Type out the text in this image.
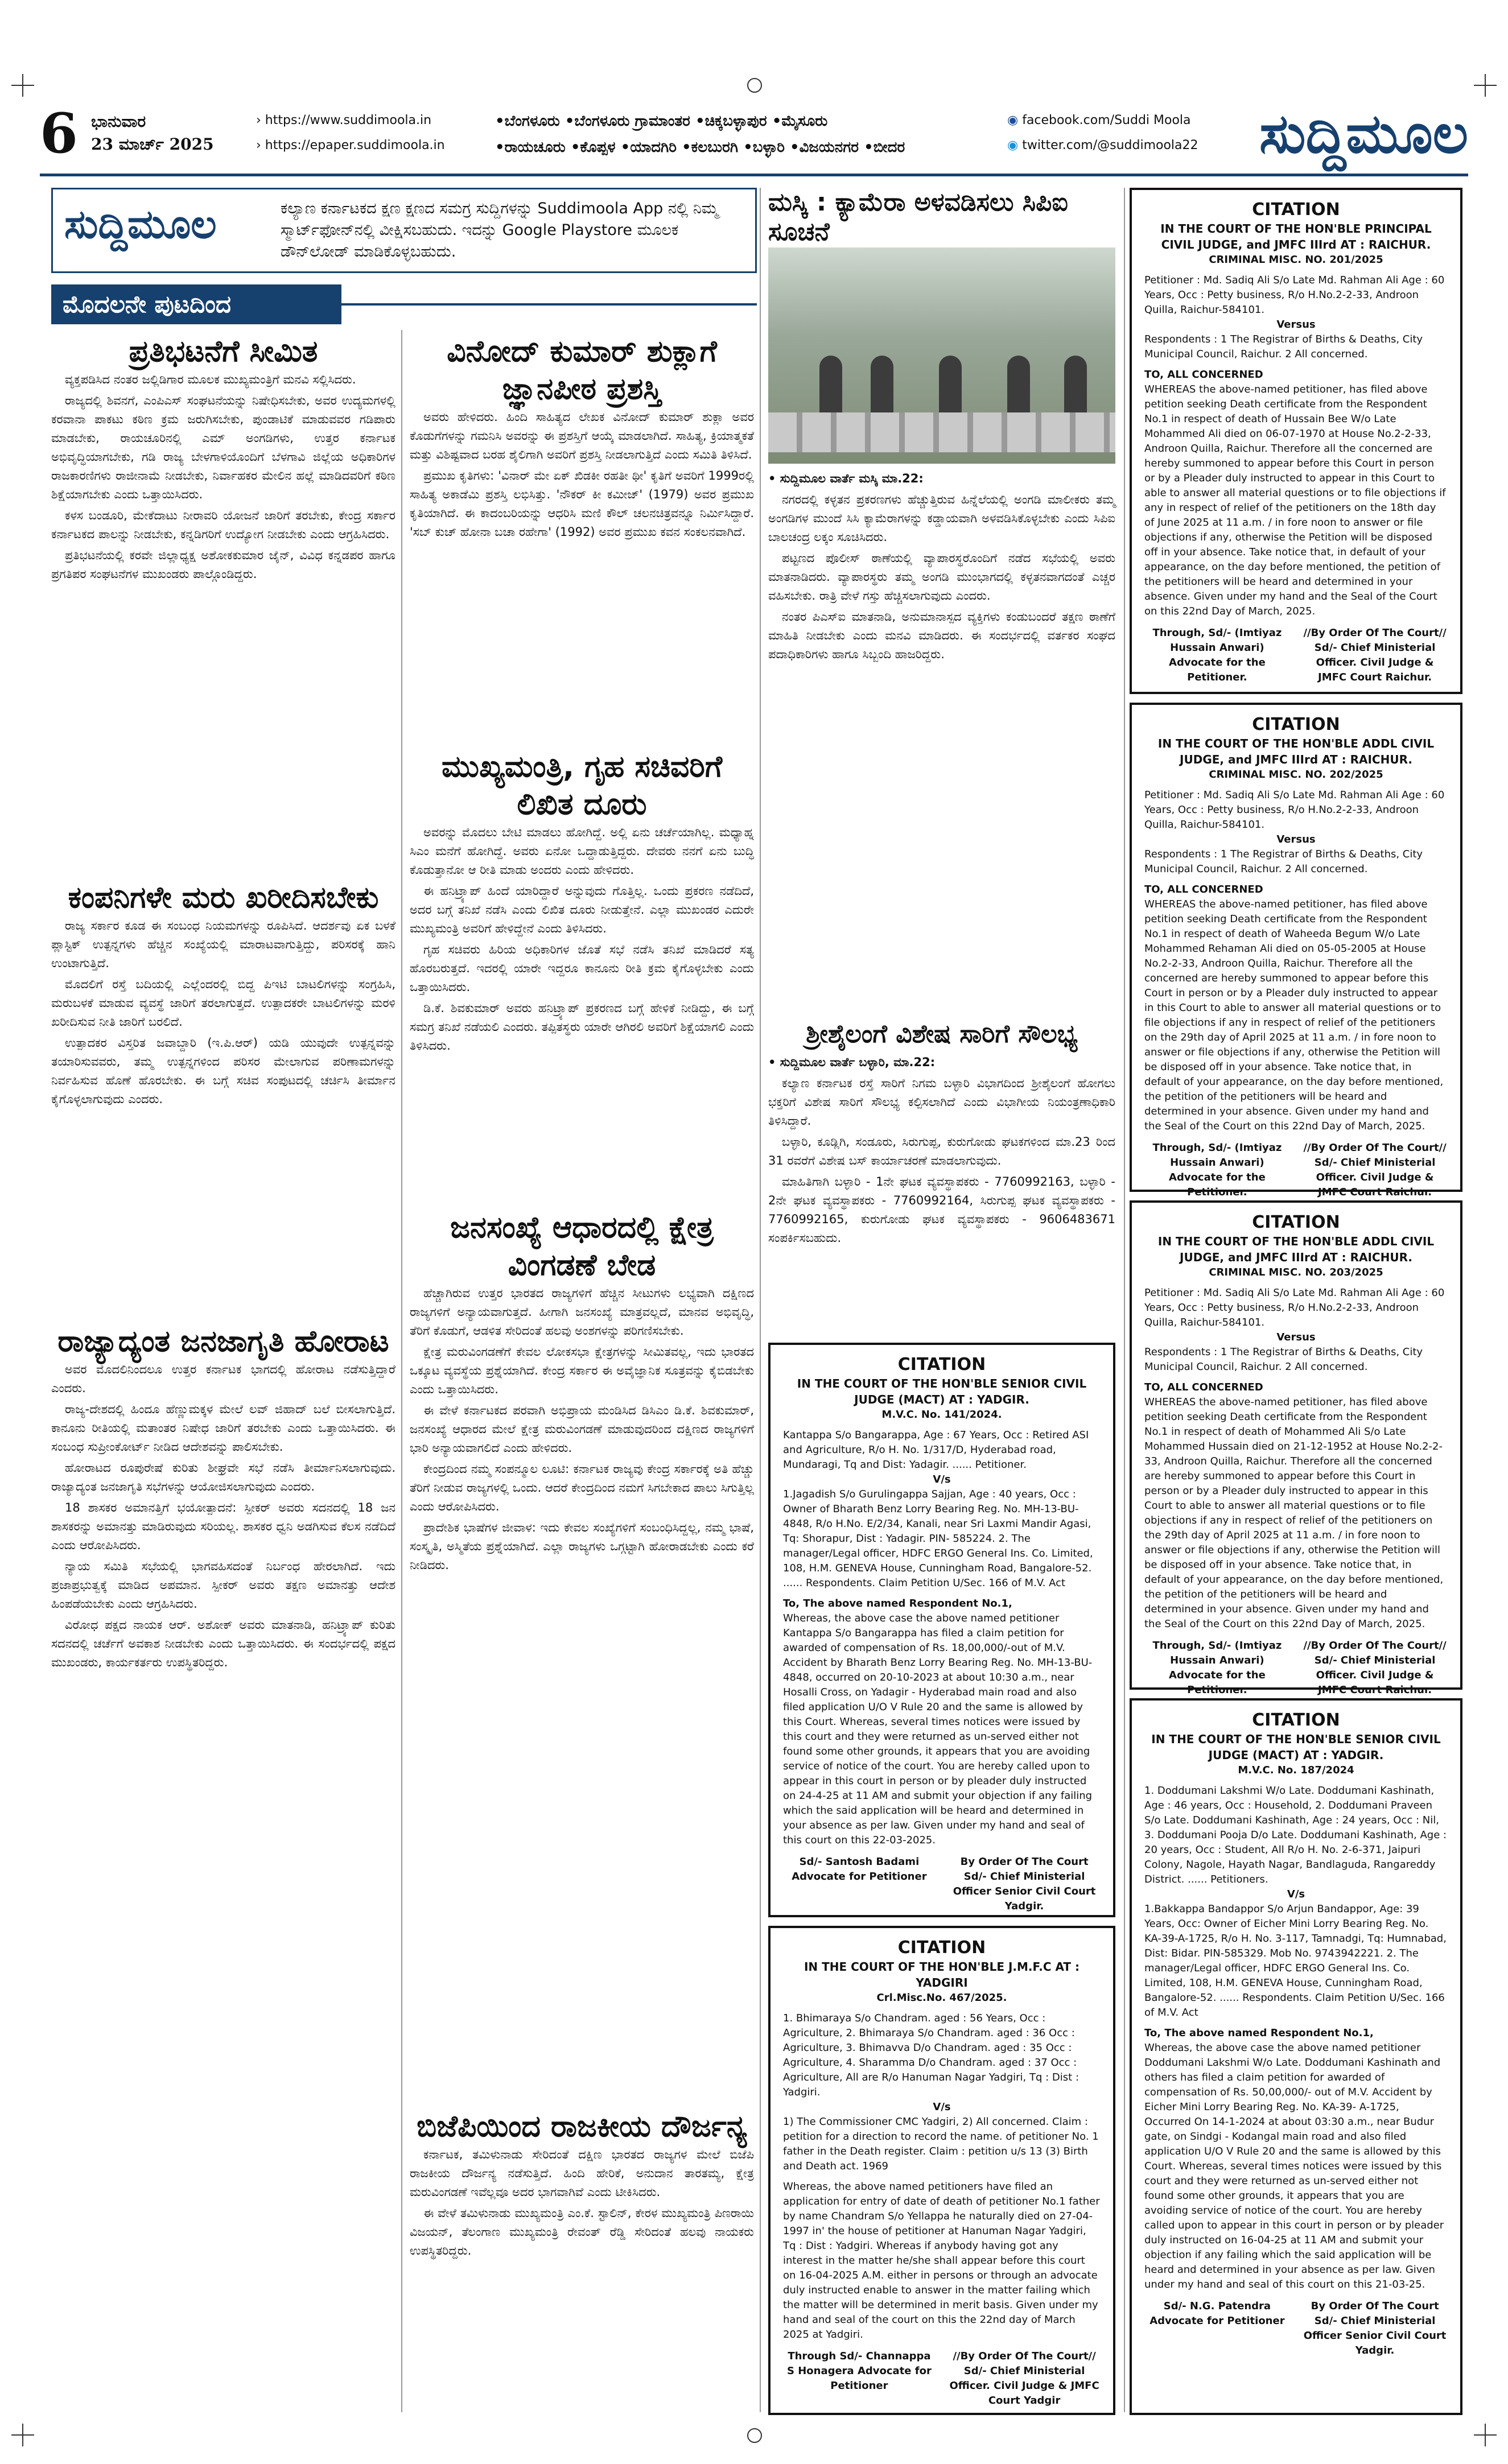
6 ಭಾನುವಾರ
23 ಮಾರ್ಚ್ 2025
› https://www.suddimoola.in
› https://epaper.suddimoola.in
•ಬೆಂಗಳೂರು •ಬೆಂಗಳೂರು ಗ್ರಾಮಾಂತರ •ಚಿಕ್ಕಬಳ್ಳಾಪುರ •ಮೈಸೂರು
•ರಾಯಚೂರು •ಕೊಪ್ಪಳ •ಯಾದಗಿರಿ •ಕಲಬುರಗಿ •ಬಳ್ಳಾರಿ •ವಿಜಯನಗರ •ಬೀದರ
◉ facebook.com/Suddi Moola
◉ twitter.com/@suddimoola22 ಸುದ್ದಿಮೂಲ
ಸುದ್ದಿಮೂಲ	ಕಲ್ಯಾಣ ಕರ್ನಾಟಕದ ಕ್ಷಣ ಕ್ಷಣದ ಸಮಗ್ರ ಸುದ್ದಿಗಳನ್ನು Suddimoola App ನಲ್ಲಿ ನಿಮ್ಮ ಸ್ಮಾರ್ಟ್‌ಫೋನ್‌ನಲ್ಲಿ ವೀಕ್ಷಿಸಬಹುದು. ಇದನ್ನು Google Playstore ಮೂಲಕ ಡೌನ್‌ಲೋಡ್ ಮಾಡಿಕೊಳ್ಳಬಹುದು.
ಮೊದಲನೇ ಪುಟದಿಂದ
ಪ್ರತಿಭಟನೆಗೆ ಸೀಮಿತ

ವ್ಯಕ್ತಪಡಿಸಿದ ನಂತರ ಜಲ್ಲಿಡಿಗಾರ ಮೂಲಕ ಮುಖ್ಯಮಂತ್ರಿಗೆ ಮನವಿ ಸಲ್ಲಿಸಿದರು.

ರಾಜ್ಯದಲ್ಲಿ ಶಿವನಗೆ, ಎಂಪಿಎಸ್ ಸಂಘಟನೆಯನ್ನು ನಿಷೇಧಿಸಬೇಕು, ಅವರ ಉದ್ಯಮಗಳಲ್ಲಿ ಕರವಾನಾ ಪಾಕಟು ಕಠಿಣ ಕ್ರಮ ಜರುಗಿಸಬೇಕು, ಪುಂಡಾಟಿಕೆ ಮಾಡುವವರ ಗಡಿಪಾರು ಮಾಡಬೇಕು, ರಾಯಚೂರಿನಲ್ಲಿ ಎಮ್‌ ಅಂಗಡಿಗಳು, ಉತ್ತರ ಕರ್ನಾಟಕ ಅಭಿವೃದ್ಧಿಯಾಗಬೇಕು, ಗಡಿ ರಾಜ್ಯ ಬೇಳಗಾಳಿಯೊಂದಿಗೆ ಬೆಳಗಾವಿ ಜಿಲ್ಲೆಯ ಅಧಿಕಾರಿಗಳ ರಾಜಕಾರಣಿಗಳು ರಾಜೀನಾಮೆ ನೀಡಬೇಕು, ನಿರ್ವಾಹಕರ ಮೇಲಿನ ಹಲ್ಲೆ ಮಾಡಿದವರಿಗೆ ಕಠಿಣ ಶಿಕ್ಷೆಯಾಗಬೇಕು ಎಂದು ಒತ್ತಾಯಿಸಿದರು.

ಕಳಸ ಬಂಡೂರಿ, ಮೇಕೆದಾಟು ನೀರಾವರಿ ಯೋಜನೆ ಜಾರಿಗೆ ತರಬೇಕು, ಕೇಂದ್ರ ಸರ್ಕಾರ ಕರ್ನಾಟಕದ ಪಾಲನ್ನು ನೀಡಬೇಕು, ಕನ್ನಡಿಗರಿಗೆ ಉದ್ಯೋಗ ನೀಡಬೇಕು ಎಂದು ಆಗ್ರಹಿಸಿದರು.

ಪ್ರತಿಭಟನೆಯಲ್ಲಿ ಕರವೇ ಜಿಲ್ಲಾಧ್ಯಕ್ಷ ಅಶೋಕಕುಮಾರ ಜೈನ್, ವಿವಿಧ ಕನ್ನಡಪರ ಹಾಗೂ ಪ್ರಗತಿಪರ ಸಂಘಟನೆಗಳ ಮುಖಂಡರು ಪಾಲ್ಗೊಂಡಿದ್ದರು.

ಕಂಪನಿಗಳೇ ಮರು ಖರೀದಿಸಬೇಕು

ರಾಜ್ಯ ಸರ್ಕಾರ ಕೂಡ ಈ ಸಂಬಂಧ ನಿಯಮಗಳನ್ನು ರೂಪಿಸಿದೆ. ಆದರ್ಶವು ಏಕ ಬಳಕೆ ಪ್ಲಾಸ್ಟಿಕ್ ಉತ್ಪನ್ನಗಳು ಹೆಚ್ಚಿನ ಸಂಖ್ಯೆಯಲ್ಲಿ ಮಾರಾಟವಾಗುತ್ತಿದ್ದು, ಪರಿಸರಕ್ಕೆ ಹಾನಿ ಉಂಟಾಗುತ್ತಿದೆ.

ಮೊದಲಿಗೆ ರಸ್ತೆ ಬದಿಯಲ್ಲಿ ಎಲ್ಲೆಂದರಲ್ಲಿ ಬಿದ್ದ ಪಿಇಟಿ ಬಾಟಲಿಗಳನ್ನು ಸಂಗ್ರಹಿಸಿ, ಮರುಬಳಕೆ ಮಾಡುವ ವ್ಯವಸ್ಥೆ ಜಾರಿಗೆ ತರಲಾಗುತ್ತದೆ. ಉತ್ಪಾದಕರೇ ಬಾಟಲಿಗಳನ್ನು ಮರಳಿ ಖರೀದಿಸುವ ನೀತಿ ಜಾರಿಗೆ ಬರಲಿದೆ.

ಉತ್ಪಾದಕರ ವಿಸ್ತರಿತ ಜವಾಬ್ದಾರಿ (ಇ.ಪಿ.ಆರ್) ಯಡಿ ಯುವುದೇ ಉತ್ಪನ್ನವನ್ನು ತಯಾರಿಸುವವರು, ತಮ್ಮ ಉತ್ಪನ್ನಗಳಿಂದ ಪರಿಸರ ಮೇಲಾಗುವ ಪರಿಣಾಮಗಳನ್ನು ನಿರ್ವಹಿಸುವ ಹೊಣೆ ಹೊರಬೇಕು. ಈ ಬಗ್ಗೆ ಸಚಿವ ಸಂಪುಟದಲ್ಲಿ ಚರ್ಚಿಸಿ ತೀರ್ಮಾನ ಕೈಗೊಳ್ಳಲಾಗುವುದು ಎಂದರು.

ರಾಜ್ಯಾದ್ಯಂತ ಜನಜಾಗೃತಿ ಹೋರಾಟ

ಅವರ ಮೊದಲಿನಿಂದಲೂ ಉತ್ತರ ಕರ್ನಾಟಕ ಭಾಗದಲ್ಲಿ ಹೋರಾಟ ನಡೆಸುತ್ತಿದ್ದಾರೆ ಎಂದರು.

ರಾಜ್ಯ-ದೇಶದಲ್ಲಿ ಹಿಂದೂ ಹೆಣ್ಣುಮಕ್ಕಳ ಮೇಲೆ ಲವ್ ಜಿಹಾದ್ ಬಲೆ ಬೀಸಲಾಗುತ್ತಿದೆ. ಕಾನೂನು ರೀತಿಯಲ್ಲಿ ಮತಾಂತರ ನಿಷೇಧ ಜಾರಿಗೆ ತರಬೇಕು ಎಂದು ಒತ್ತಾಯಿಸಿದರು. ಈ ಸಂಬಂಧ ಸುಪ್ರೀಂಕೋರ್ಟ್ ನೀಡಿದ ಆದೇಶವನ್ನು ಪಾಲಿಸಬೇಕು.

ಹೋರಾಟದ ರೂಪುರೇಷೆ ಕುರಿತು ಶೀಘ್ರವೇ ಸಭೆ ನಡೆಸಿ ತೀರ್ಮಾನಿಸಲಾಗುವುದು. ರಾಜ್ಯಾದ್ಯಂತ ಜನಜಾಗೃತಿ ಸಭೆಗಳನ್ನು ಆಯೋಜಿಸಲಾಗುವುದು ಎಂದರು.

18 ಶಾಸಕರ ಅಮಾನತ್ತಿಗೆ ಭಯೋತ್ಪಾದನೆ: ಸ್ಪೀಕರ್ ಅವರು ಸದನದಲ್ಲಿ 18 ಜನ ಶಾಸಕರನ್ನು ಅಮಾನತ್ತು ಮಾಡಿರುವುದು ಸರಿಯಲ್ಲ. ಶಾಸಕರ ಧ್ವನಿ ಅಡಗಿಸುವ ಕೆಲಸ ನಡೆದಿದೆ ಎಂದು ಆರೋಪಿಸಿದರು.

ನ್ಯಾಯ ಸಮಿತಿ ಸಭೆಯಲ್ಲಿ ಭಾಗವಹಿಸದಂತೆ ನಿರ್ಬಂಧ ಹೇರಲಾಗಿದೆ. ಇದು ಪ್ರಜಾಪ್ರಭುತ್ವಕ್ಕೆ ಮಾಡಿದ ಅಪಮಾನ. ಸ್ಪೀಕರ್ ಅವರು ತಕ್ಷಣ ಅಮಾನತ್ತು ಆದೇಶ ಹಿಂಪಡೆಯಬೇಕು ಎಂದು ಆಗ್ರಹಿಸಿದರು.

ವಿರೋಧ ಪಕ್ಷದ ನಾಯಕ ಆರ್. ಅಶೋಕ್ ಅವರು ಮಾತನಾಡಿ, ಹನಿಟ್ರ್ಯಾಪ್ ಕುರಿತು ಸದನದಲ್ಲಿ ಚರ್ಚೆಗೆ ಅವಕಾಶ ನೀಡಬೇಕು ಎಂದು ಒತ್ತಾಯಿಸಿದರು. ಈ ಸಂದರ್ಭದಲ್ಲಿ ಪಕ್ಷದ ಮುಖಂಡರು, ಕಾರ್ಯಕರ್ತರು ಉಪಸ್ಥಿತರಿದ್ದರು.

ವಿನೋದ್ ಕುಮಾರ್ ಶುಕ್ಲಾಗೆ ಜ್ಞಾನಪೀಠ ಪ್ರಶಸ್ತಿ

ಅವರು ಹೇಳಿದರು. ಹಿಂದಿ ಸಾಹಿತ್ಯದ ಲೇಖಕ ವಿನೋದ್ ಕುಮಾರ್ ಶುಕ್ಲಾ ಅವರ ಕೊಡುಗೆಗಳನ್ನು ಗಮನಿಸಿ ಅವರನ್ನು ಈ ಪ್ರಶಸ್ತಿಗೆ ಆಯ್ಕೆ ಮಾಡಲಾಗಿದೆ. ಸಾಹಿತ್ಯ, ಕ್ರಿಯಾತ್ಮಕತೆ ಮತ್ತು ವಿಶಿಷ್ಟವಾದ ಬರಹ ಶೈಲಿಗಾಗಿ ಅವರಿಗೆ ಪ್ರಶಸ್ತಿ ನೀಡಲಾಗುತ್ತಿದೆ ಎಂದು ಸಮಿತಿ ತಿಳಿಸಿದೆ.

ಪ್ರಮುಖ ಕೃತಿಗಳು: 'ವಿನಾರ್ ಮೇ ಏಕ್ ಖಿಡಕೀ ರಹತೀ ಥೀ' ಕೃತಿಗೆ ಅವರಿಗೆ 1999ರಲ್ಲಿ ಸಾಹಿತ್ಯ ಅಕಾಡೆಮಿ ಪ್ರಶಸ್ತಿ ಲಭಿಸಿತ್ತು. 'ನೌಕರ್ ಕೀ ಕಮೀಜ್' (1979) ಅವರ ಪ್ರಮುಖ ಕೃತಿಯಾಗಿದೆ. ಈ ಕಾದಂಬರಿಯನ್ನು ಆಧರಿಸಿ ಮಣಿ ಕೌಲ್ ಚಲನಚಿತ್ರವನ್ನೂ ನಿರ್ಮಿಸಿದ್ದಾರೆ. 'ಸಬ್ ಕುಚ್ ಹೋನಾ ಬಚಾ ರಹೇಗಾ' (1992) ಅವರ ಪ್ರಮುಖ ಕವನ ಸಂಕಲನವಾಗಿದೆ.

ಮುಖ್ಯಮಂತ್ರಿ, ಗೃಹ ಸಚಿವರಿಗೆ ಲಿಖಿತ ದೂರು

ಅವರನ್ನು ಮೊದಲು ಬೇಟಿ ಮಾಡಲು ಹೋಗಿದ್ದೆ. ಅಲ್ಲಿ ಏನು ಚರ್ಚೆಯಾಗಿಲ್ಲ. ಮಧ್ಯಾಹ್ನ ಸಿಎಂ ಮನೆಗೆ ಹೋಗಿದ್ದೆ. ಅವರು ಏನೋ ಒದ್ದಾಡುತ್ತಿದ್ದರು. ದೇವರು ನನಗೆ ಏನು ಬುದ್ಧಿ ಕೊಡುತ್ತಾನೋ ಆ ರೀತಿ ಮಾಡು ಅಂದರು ಎಂದು ಹೇಳಿದರು.

ಈ ಹನಿಟ್ರ್ಯಾಪ್ ಹಿಂದೆ ಯಾರಿದ್ದಾರೆ ಅನ್ನುವುದು ಗೊತ್ತಿಲ್ಲ. ಒಂದು ಪ್ರಕರಣ ನಡೆದಿದೆ, ಅದರ ಬಗ್ಗೆ ತನಿಖೆ ನಡೆಸಿ ಎಂದು ಲಿಖಿತ ದೂರು ನೀಡುತ್ತೇನೆ. ಎಲ್ಲಾ ಮುಖಂಡರ ಎದುರೇ ಮುಖ್ಯಮಂತ್ರಿ ಅವರಿಗೆ ಹೇಳಿದ್ದೇನೆ ಎಂದು ತಿಳಿಸಿದರು.

ಗೃಹ ಸಚಿವರು ಹಿರಿಯ ಅಧಿಕಾರಿಗಳ ಜೊತೆ ಸಭೆ ನಡೆಸಿ ತನಿಖೆ ಮಾಡಿದರೆ ಸತ್ಯ ಹೊರಬರುತ್ತದೆ. ಇದರಲ್ಲಿ ಯಾರೇ ಇದ್ದರೂ ಕಾನೂನು ರೀತಿ ಕ್ರಮ ಕೈಗೊಳ್ಳಬೇಕು ಎಂದು ಒತ್ತಾಯಿಸಿದರು.

ಡಿ.ಕೆ. ಶಿವಕುಮಾರ್ ಅವರು ಹನಿಟ್ರ್ಯಾಪ್ ಪ್ರಕರಣದ ಬಗ್ಗೆ ಹೇಳಿಕೆ ನೀಡಿದ್ದು, ಈ ಬಗ್ಗೆ ಸಮಗ್ರ ತನಿಖೆ ನಡೆಯಲಿ ಎಂದರು. ತಪ್ಪಿತಸ್ಥರು ಯಾರೇ ಆಗಿರಲಿ ಅವರಿಗೆ ಶಿಕ್ಷೆಯಾಗಲಿ ಎಂದು ತಿಳಿಸಿದರು.

ಜನಸಂಖ್ಯೆ ಆಧಾರದಲ್ಲಿ ಕ್ಷೇತ್ರ ವಿಂಗಡಣೆ ಬೇಡ

ಹೆಚ್ಚಾಗಿರುವ ಉತ್ತರ ಭಾರತದ ರಾಜ್ಯಗಳಿಗೆ ಹೆಚ್ಚಿನ ಸೀಟುಗಳು ಲಭ್ಯವಾಗಿ ದಕ್ಷಿಣದ ರಾಜ್ಯಗಳಿಗೆ ಅನ್ಯಾಯವಾಗುತ್ತದೆ. ಹೀಗಾಗಿ ಜನಸಂಖ್ಯೆ ಮಾತ್ರವಲ್ಲದೆ, ಮಾನವ ಅಭಿವೃದ್ಧಿ, ತೆರಿಗೆ ಕೊಡುಗೆ, ಆಡಳಿತ ಸೇರಿದಂತೆ ಹಲವು ಅಂಶಗಳನ್ನು ಪರಿಗಣಿಸಬೇಕು.

ಕ್ಷೇತ್ರ ಮರುವಿಂಗಡಣೆಗೆ ಕೇವಲ ಲೋಕಸಭಾ ಕ್ಷೇತ್ರಗಳನ್ನು ಸೀಮಿತವಲ್ಲ, ಇದು ಭಾರತದ ಒಕ್ಕೂಟ ವ್ಯವಸ್ಥೆಯ ಪ್ರಶ್ನೆಯಾಗಿದೆ. ಕೇಂದ್ರ ಸರ್ಕಾರ ಈ ಅವೈಜ್ಞಾನಿಕ ಸೂತ್ರವನ್ನು ಕೈಬಿಡಬೇಕು ಎಂದು ಒತ್ತಾಯಿಸಿದರು.

ಈ ವೇಳೆ ಕರ್ನಾಟಕದ ಪರವಾಗಿ ಅಭಿಪ್ರಾಯ ಮಂಡಿಸಿದ ಡಿಸಿಎಂ ಡಿ.ಕೆ. ಶಿವಕುಮಾರ್, ಜನಸಂಖ್ಯೆ ಆಧಾರದ ಮೇಲೆ ಕ್ಷೇತ್ರ ಮರುವಿಂಗಡಣೆ ಮಾಡುವುದರಿಂದ ದಕ್ಷಿಣದ ರಾಜ್ಯಗಳಿಗೆ ಭಾರಿ ಅನ್ಯಾಯವಾಗಲಿದೆ ಎಂದು ಹೇಳಿದರು.

ಕೇಂದ್ರದಿಂದ ನಮ್ಮ ಸಂಪನ್ಮೂಲ ಲೂಟಿ: ಕರ್ನಾಟಕ ರಾಜ್ಯವು ಕೇಂದ್ರ ಸರ್ಕಾರಕ್ಕೆ ಅತಿ ಹೆಚ್ಚು ತೆರಿಗೆ ನೀಡುವ ರಾಜ್ಯಗಳಲ್ಲಿ ಒಂದು. ಆದರೆ ಕೇಂದ್ರದಿಂದ ನಮಗೆ ಸಿಗಬೇಕಾದ ಪಾಲು ಸಿಗುತ್ತಿಲ್ಲ ಎಂದು ಆರೋಪಿಸಿದರು.

ಪ್ರಾದೇಶಿಕ ಭಾಷೆಗಳ ಜೀವಾಳ: ಇದು ಕೇವಲ ಸಂಖ್ಯೆಗಳಿಗೆ ಸಂಬಂಧಿಸಿದ್ದಲ್ಲ, ನಮ್ಮ ಭಾಷೆ, ಸಂಸ್ಕೃತಿ, ಅಸ್ಮಿತೆಯ ಪ್ರಶ್ನೆಯಾಗಿದೆ. ಎಲ್ಲಾ ರಾಜ್ಯಗಳು ಒಗ್ಗಟ್ಟಾಗಿ ಹೋರಾಡಬೇಕು ಎಂದು ಕರೆ ನೀಡಿದರು.

ಬಿಜೆಪಿಯಿಂದ ರಾಜಕೀಯ ದೌರ್ಜನ್ಯ

ಕರ್ನಾಟಕ, ತಮಿಳುನಾಡು ಸೇರಿದಂತೆ ದಕ್ಷಿಣ ಭಾರತದ ರಾಜ್ಯಗಳ ಮೇಲೆ ಬಿಜೆಪಿ ರಾಜಕೀಯ ದೌರ್ಜನ್ಯ ನಡೆಸುತ್ತಿದೆ. ಹಿಂದಿ ಹೇರಿಕೆ, ಅನುದಾನ ತಾರತಮ್ಯ, ಕ್ಷೇತ್ರ ಮರುವಿಂಗಡಣೆ ಇವೆಲ್ಲವೂ ಅದರ ಭಾಗವಾಗಿವೆ ಎಂದು ಟೀಕಿಸಿದರು.

ಈ ವೇಳೆ ತಮಿಳುನಾಡು ಮುಖ್ಯಮಂತ್ರಿ ಎಂ.ಕೆ. ಸ್ಟಾಲಿನ್, ಕೇರಳ ಮುಖ್ಯಮಂತ್ರಿ ಪಿಣರಾಯಿ ವಿಜಯನ್, ತೆಲಂಗಾಣ ಮುಖ್ಯಮಂತ್ರಿ ರೇವಂತ್ ರೆಡ್ಡಿ ಸೇರಿದಂತೆ ಹಲವು ನಾಯಕರು ಉಪಸ್ಥಿತರಿದ್ದರು.

ಮಸ್ಕಿ : ಕ್ಯಾಮೆರಾ ಅಳವಡಿಸಲು ಸಿಪಿಐ ಸೂಚನೆ

• ಸುದ್ದಿಮೂಲ ವಾರ್ತೆ ಮಸ್ಕಿ ಮಾ.22:

ನಗರದಲ್ಲಿ ಕಳ್ಳತನ ಪ್ರಕರಣಗಳು ಹೆಚ್ಚುತ್ತಿರುವ ಹಿನ್ನೆಲೆಯಲ್ಲಿ ಅಂಗಡಿ ಮಾಲೀಕರು ತಮ್ಮ ಅಂಗಡಿಗಳ ಮುಂದೆ ಸಿಸಿ ಕ್ಯಾಮೆರಾಗಳನ್ನು ಕಡ್ಡಾಯವಾಗಿ ಅಳವಡಿಸಿಕೊಳ್ಳಬೇಕು ಎಂದು ಸಿಪಿಐ ಬಾಲಚಂದ್ರ ಲಕ್ಕಂ ಸೂಚಿಸಿದರು.

ಪಟ್ಟಣದ ಪೊಲೀಸ್ ಠಾಣೆಯಲ್ಲಿ ವ್ಯಾಪಾರಸ್ಥರೊಂದಿಗೆ ನಡೆದ ಸಭೆಯಲ್ಲಿ ಅವರು ಮಾತನಾಡಿದರು. ವ್ಯಾಪಾರಸ್ಥರು ತಮ್ಮ ಅಂಗಡಿ ಮುಂಭಾಗದಲ್ಲಿ ಕಳ್ಳತನವಾಗದಂತೆ ಎಚ್ಚರ ವಹಿಸಬೇಕು. ರಾತ್ರಿ ವೇಳೆ ಗಸ್ತು ಹೆಚ್ಚಿಸಲಾಗುವುದು ಎಂದರು.

ನಂತರ ಪಿಎಸ್ಐ ಮಾತನಾಡಿ, ಅನುಮಾನಾಸ್ಪದ ವ್ಯಕ್ತಿಗಳು ಕಂಡುಬಂದರೆ ತಕ್ಷಣ ಠಾಣೆಗೆ ಮಾಹಿತಿ ನೀಡಬೇಕು ಎಂದು ಮನವಿ ಮಾಡಿದರು. ಈ ಸಂದರ್ಭದಲ್ಲಿ ವರ್ತಕರ ಸಂಘದ ಪದಾಧಿಕಾರಿಗಳು ಹಾಗೂ ಸಿಬ್ಬಂದಿ ಹಾಜರಿದ್ದರು.

ಶ್ರೀಶೈಲಂಗೆ ವಿಶೇಷ ಸಾರಿಗೆ ಸೌಲಭ್ಯ

• ಸುದ್ದಿಮೂಲ ವಾರ್ತೆ ಬಳ್ಳಾರಿ, ಮಾ.22:

ಕಲ್ಯಾಣ ಕರ್ನಾಟಕ ರಸ್ತೆ ಸಾರಿಗೆ ನಿಗಮ ಬಳ್ಳಾರಿ ವಿಭಾಗದಿಂದ ಶ್ರೀಶೈಲಂಗೆ ಹೋಗಲು ಭಕ್ತರಿಗೆ ವಿಶೇಷ ಸಾರಿಗೆ ಸೌಲಭ್ಯ ಕಲ್ಪಿಸಲಾಗಿದೆ ಎಂದು ವಿಭಾಗೀಯ ನಿಯಂತ್ರಣಾಧಿಕಾರಿ ತಿಳಿಸಿದ್ದಾರೆ.

ಬಳ್ಳಾರಿ, ಕೂಡ್ಲಿಗಿ, ಸಂಡೂರು, ಸಿರುಗುಪ್ಪ, ಕುರುಗೋಡು ಘಟಕಗಳಿಂದ ಮಾ.23 ರಿಂದ 31 ರವರೆಗೆ ವಿಶೇಷ ಬಸ್ ಕಾರ್ಯಾಚರಣೆ ಮಾಡಲಾಗುವುದು.

ಮಾಹಿತಿಗಾಗಿ ಬಳ್ಳಾರಿ - 1ನೇ ಘಟಕ ವ್ಯವಸ್ಥಾಪಕರು - 7760992163, ಬಳ್ಳಾರಿ - 2ನೇ ಘಟಕ ವ್ಯವಸ್ಥಾಪಕರು - 7760992164, ಸಿರುಗುಪ್ಪ ಘಟಕ ವ್ಯವಸ್ಥಾಪಕರು - 7760992165, ಕುರುಗೋಡು ಘಟಕ ವ್ಯವಸ್ಥಾಪಕರು - 9606483671 ಸಂಪರ್ಕಿಸಬಹುದು.

CITATION
IN THE COURT OF THE HON'BLE SENIOR CIVIL JUDGE (MACT) AT : YADGIR.
M.V.C. No. 141/2024.
Kantappa S/o Bangarappa, Age : 67 Years, Occ : Retired ASI and Agriculture, R/o H. No. 1/317/D, Hyderabad road, Mundaragi, Tq and Dist: Yadagir. ...... Petitioner.
V/s
1.Jagadish S/o Gurulingappa Sajjan, Age : 40 years, Occ : Owner of Bharath Benz Lorry Bearing Reg. No. MH-13-BU-4848, R/o H.No. E/2/34, Kanali, near Sri Laxmi Mandir Agasi, Tq: Shorapur, Dist : Yadagir. PIN- 585224. 2. The manager/Legal officer, HDFC ERGO General Ins. Co. Limited, 108, H.M. GENEVA House, Cunningham Road, Bangalore-52. ...... Respondents. Claim Petition U/Sec. 166 of M.V. Act
To, The above named Respondent No.1,
Whereas, the above case the above named petitioner Kantappa S/o Bangarappa has filed a claim petition for awarded of compensation of Rs. 18,00,000/-out of M.V. Accident by Bharath Benz Lorry Bearing Reg. No. MH-13-BU-4848, occurred on 20-10-2023 at about 10:30 a.m., near Hosalli Cross, on Yadagir - Hyderabad main road and also filed application U/O V Rule 20 and the same is allowed by this Court. Whereas, several times notices were issued by this court and they were returned as un-served either not found some other grounds, it appears that you are avoiding service of notice of the court. You are hereby called upon to appear in this court in person or by pleader duly instructed on 24-4-25 at 11 AM and submit your objection if any failing which the said application will be heard and determined in your absence as per law. Given under my hand and seal of this court on this 22-03-2025.
Sd/- Santosh Badami Advocate for Petitioner
By Order Of The Court Sd/- Chief Ministerial Officer Senior Civil Court Yadgir.
CITATION
IN THE COURT OF THE HON'BLE J.M.F.C AT : YADGIRI
Crl.Misc.No. 467/2025.
1. Bhimaraya S/o Chandram. aged : 56 Years, Occ : Agriculture, 2. Bhimaraya S/o Chandram. aged : 36 Occ : Agriculture, 3. Bhimavva D/o Chandram. aged : 35 Occ : Agriculture, 4. Sharamma D/o Chandram. aged : 37 Occ : Agriculture, All are R/o Hanuman Nagar Yadgiri, Tq : Dist : Yadgiri.
V/s
1) The Commissioner CMC Yadgiri, 2) All concerned. Claim : petition for a direction to record the name. of petitioner No. 1 father in the Death register. Claim : petition u/s 13 (3) Birth and Death act. 1969
Whereas, the above named petitioners have filed an application for entry of date of death of petitioner No.1 father by name Chandram S/o Yellappa he naturally died on 27-04-1997 in' the house of petitioner at Hanuman Nagar Yadgiri, Tq : Dist : Yadgiri. Whereas if anybody having got any interest in the matter he/she shall appear before this court on 16-04-2025 A.M. either in persons or through an advocate duly instructed enable to answer in the matter failing which the matter will be determined in merit basis. Given under my hand and seal of the court on this the 22nd day of March 2025 at Yadgiri.
Through Sd/- Channappa S Honagera Advocate for Petitioner
//By Order Of The Court// Sd/- Chief Ministerial Officer. Civil Judge & JMFC Court Yadgir
CITATION
IN THE COURT OF THE HON'BLE PRINCIPAL CIVIL JUDGE, and JMFC IIIrd AT : RAICHUR.
CRIMINAL MISC. NO. 201/2025
Petitioner : Md. Sadiq Ali S/o Late Md. Rahman Ali Age : 60 Years, Occ : Petty business, R/o H.No.2-2-33, Androon Quilla, Raichur-584101.
Versus
Respondents : 1 The Registrar of Births & Deaths, City Municipal Council, Raichur. 2 All concerned.
TO, ALL CONCERNED
WHEREAS the above-named petitioner, has filed above petition seeking Death certificate from the Respondent No.1 in respect of death of Hussain Bee W/o Late Mohammed Ali died on 06-07-1970 at House No.2-2-33, Androon Quilla, Raichur. Therefore all the concerned are hereby summoned to appear before this Court in person or by a Pleader duly instructed to appear in this Court to able to answer all material questions or to file objections if any in respect of relief of the petitioners on the 18th day of June 2025 at 11 a.m. / in fore noon to answer or file objections if any, otherwise the Petition will be disposed off in your absence. Take notice that, in default of your appearance, on the day before mentioned, the petition of the petitioners will be heard and determined in your absence. Given under my hand and the Seal of the Court on this 22nd Day of March, 2025.
Through, Sd/- (Imtiyaz Hussain Anwari) Advocate for the Petitioner.
//By Order Of The Court// Sd/- Chief Ministerial Officer. Civil Judge & JMFC Court Raichur.
CITATION
IN THE COURT OF THE HON'BLE ADDL CIVIL JUDGE, and JMFC IIIrd AT : RAICHUR.
CRIMINAL MISC. NO. 202/2025
Petitioner : Md. Sadiq Ali S/o Late Md. Rahman Ali Age : 60 Years, Occ : Petty business, R/o H.No.2-2-33, Androon Quilla, Raichur-584101.
Versus
Respondents : 1 The Registrar of Births & Deaths, City Municipal Council, Raichur. 2 All concerned.
TO, ALL CONCERNED
WHEREAS the above-named petitioner, has filed above petition seeking Death certificate from the Respondent No.1 in respect of death of Waheeda Begum W/o Late Mohammed Rehaman Ali died on 05-05-2005 at House No.2-2-33, Androon Quilla, Raichur. Therefore all the concerned are hereby summoned to appear before this Court in person or by a Pleader duly instructed to appear in this Court to able to answer all material questions or to file objections if any in respect of relief of the petitioners on the 29th day of April 2025 at 11 a.m. / in fore noon to answer or file objections if any, otherwise the Petition will be disposed off in your absence. Take notice that, in default of your appearance, on the day before mentioned, the petition of the petitioners will be heard and determined in your absence. Given under my hand and the Seal of the Court on this 22nd Day of March, 2025.
Through, Sd/- (Imtiyaz Hussain Anwari) Advocate for the Petitioner.
//By Order Of The Court// Sd/- Chief Ministerial Officer. Civil Judge & JMFC Court Raichur.
CITATION
IN THE COURT OF THE HON'BLE ADDL CIVIL JUDGE, and JMFC IIIrd AT : RAICHUR.
CRIMINAL MISC. NO. 203/2025
Petitioner : Md. Sadiq Ali S/o Late Md. Rahman Ali Age : 60 Years, Occ : Petty business, R/o H.No.2-2-33, Androon Quilla, Raichur-584101.
Versus
Respondents : 1 The Registrar of Births & Deaths, City Municipal Council, Raichur. 2 All concerned.
TO, ALL CONCERNED
WHEREAS the above-named petitioner, has filed above petition seeking Death certificate from the Respondent No.1 in respect of death of Mohammed Ali S/o Late Mohammed Hussain died on 21-12-1952 at House No.2-2-33, Androon Quilla, Raichur. Therefore all the concerned are hereby summoned to appear before this Court in person or by a Pleader duly instructed to appear in this Court to able to answer all material questions or to file objections if any in respect of relief of the petitioners on the 29th day of April 2025 at 11 a.m. / in fore noon to answer or file objections if any, otherwise the Petition will be disposed off in your absence. Take notice that, in default of your appearance, on the day before mentioned, the petition of the petitioners will be heard and determined in your absence. Given under my hand and the Seal of the Court on this 22nd Day of March, 2025.
Through, Sd/- (Imtiyaz Hussain Anwari) Advocate for the Petitioner.
//By Order Of The Court// Sd/- Chief Ministerial Officer. Civil Judge & JMFC Court Raichur.
CITATION
IN THE COURT OF THE HON'BLE SENIOR CIVIL JUDGE (MACT) AT : YADGIR.
M.V.C. No. 187/2024
1. Doddumani Lakshmi W/o Late. Doddumani Kashinath, Age : 46 years, Occ : Household, 2. Doddumani Praveen S/o Late. Doddumani Kashinath, Age : 24 years, Occ : Nil, 3. Doddumani Pooja D/o Late. Doddumani Kashinath, Age : 20 years, Occ : Student, All R/o H. No. 2-6-371, Jaipuri Colony, Nagole, Hayath Nagar, Bandlaguda, Rangareddy District. ...... Petitioners.
V/s
1.Bakkappa Bandappor S/o Arjun Bandappor, Age: 39 Years, Occ: Owner of Eicher Mini Lorry Bearing Reg. No. KA-39-A-1725, R/o H. No. 3-117, Tamnadgi, Tq: Humnabad, Dist: Bidar. PIN-585329. Mob No. 9743942221. 2. The manager/Legal officer, HDFC ERGO General Ins. Co. Limited, 108, H.M. GENEVA House, Cunningham Road, Bangalore-52. ...... Respondents. Claim Petition U/Sec. 166 of M.V. Act
To, The above named Respondent No.1,
Whereas, the above case the above named petitioner Doddumani Lakshmi W/o Late. Doddumani Kashinath and others has filed a claim petition for awarded of compensation of Rs. 50,00,000/- out of M.V. Accident by Eicher Mini Lorry Bearing Reg. No. KA-39- A-1725, Occurred On 14-1-2024 at about 03:30 a.m., near Budur gate, on Sindgi - Kodangal main road and also filed application U/O V Rule 20 and the same is allowed by this Court. Whereas, several times notices were issued by this court and they were returned as un-served either not found some other grounds, it appears that you are avoiding service of notice of the court. You are hereby called upon to appear in this court in person or by pleader duly instructed on 16-04-25 at 11 AM and submit your objection if any failing which the said application will be heard and determined in your absence as per law. Given under my hand and seal of this court on this 21-03-25.
Sd/- N.G. Patendra Advocate for Petitioner
By Order Of The Court Sd/- Chief Ministerial Officer Senior Civil Court Yadgir.
